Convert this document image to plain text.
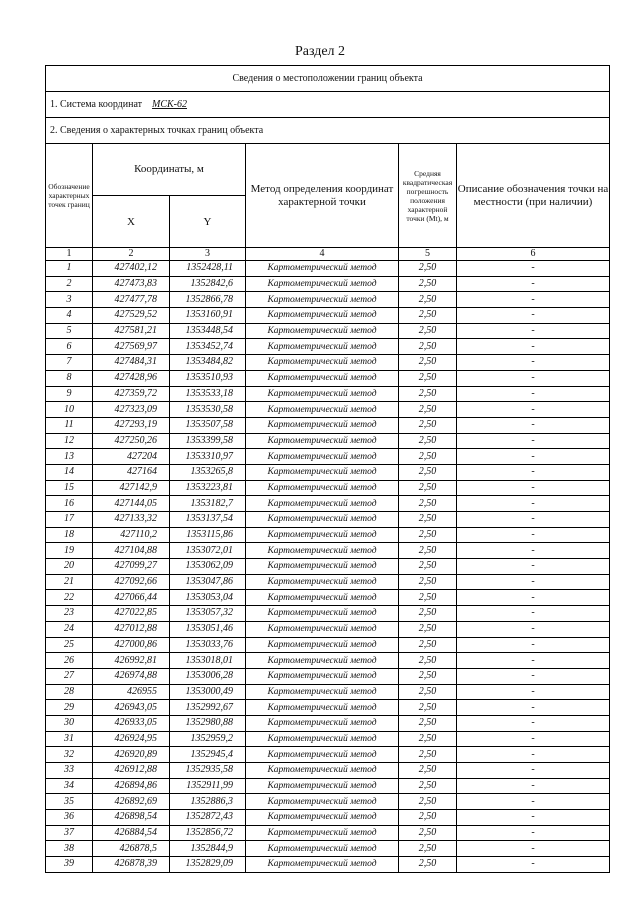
Раздел 2
Сведения о местоположении границ объекта					
1. Система координат МСК-62					
2. Сведения о характерных точках границ объекта					
Обозначение характерных точек границ	Координаты, м		Метод определения координат характерной точки	Средняя квадратическая погрешность положения характерной точки (Mt), м	Описание обозначения точки на местности (при наличии)
	X	Y			
1	2	3	4	5	6
1	427402,12	1352428,11	Картометрический метод	2,50	-
2	427473,83	1352842,6	Картометрический метод	2,50	-
3	427477,78	1352866,78	Картометрический метод	2,50	-
4	427529,52	1353160,91	Картометрический метод	2,50	-
5	427581,21	1353448,54	Картометрический метод	2,50	-
6	427569,97	1353452,74	Картометрический метод	2,50	-
7	427484,31	1353484,82	Картометрический метод	2,50	-
8	427428,96	1353510,93	Картометрический метод	2,50	-
9	427359,72	1353533,18	Картометрический метод	2,50	-
10	427323,09	1353530,58	Картометрический метод	2,50	-
11	427293,19	1353507,58	Картометрический метод	2,50	-
12	427250,26	1353399,58	Картометрический метод	2,50	-
13	427204	1353310,97	Картометрический метод	2,50	-
14	427164	1353265,8	Картометрический метод	2,50	-
15	427142,9	1353223,81	Картометрический метод	2,50	-
16	427144,05	1353182,7	Картометрический метод	2,50	-
17	427133,32	1353137,54	Картометрический метод	2,50	-
18	427110,2	1353115,86	Картометрический метод	2,50	-
19	427104,88	1353072,01	Картометрический метод	2,50	-
20	427099,27	1353062,09	Картометрический метод	2,50	-
21	427092,66	1353047,86	Картометрический метод	2,50	-
22	427066,44	1353053,04	Картометрический метод	2,50	-
23	427022,85	1353057,32	Картометрический метод	2,50	-
24	427012,88	1353051,46	Картометрический метод	2,50	-
25	427000,86	1353033,76	Картометрический метод	2,50	-
26	426992,81	1353018,01	Картометрический метод	2,50	-
27	426974,88	1353006,28	Картометрический метод	2,50	-
28	426955	1353000,49	Картометрический метод	2,50	-
29	426943,05	1352992,67	Картометрический метод	2,50	-
30	426933,05	1352980,88	Картометрический метод	2,50	-
31	426924,95	1352959,2	Картометрический метод	2,50	-
32	426920,89	1352945,4	Картометрический метод	2,50	-
33	426912,88	1352935,58	Картометрический метод	2,50	-
34	426894,86	1352911,99	Картометрический метод	2,50	-
35	426892,69	1352886,3	Картометрический метод	2,50	-
36	426898,54	1352872,43	Картометрический метод	2,50	-
37	426884,54	1352856,72	Картометрический метод	2,50	-
38	426878,5	1352844,9	Картометрический метод	2,50	-
39	426878,39	1352829,09	Картометрический метод	2,50	-
